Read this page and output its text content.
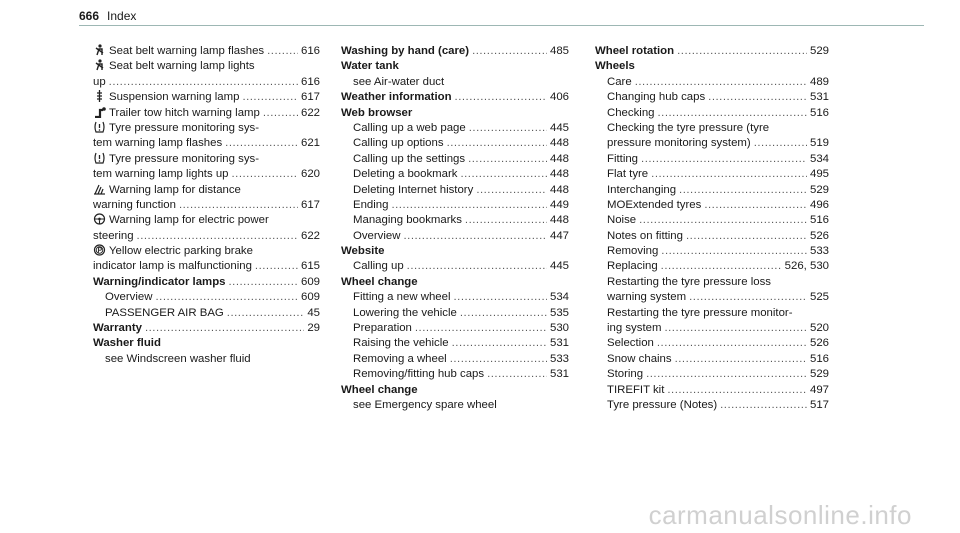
666 Index
Seat belt warning lamp flashes .....	616
Seat belt warning lamp lights
up .....	616
Suspension warning lamp .....	617
Trailer tow hitch warning lamp .....	622
Tyre pressure monitoring sys-
tem warning lamp flashes .....	621
Tyre pressure monitoring sys-
tem warning lamp lights up .....	620
Warning lamp for distance
warning function .....	617
Warning lamp for electric power
steering .....	622
Yellow electric parking brake
indicator lamp is malfunctioning .....	615
Warning/indicator lamps .....	609
Overview .....	609
PASSENGER AIR BAG .....	45
Warranty .....	29
Washer fluid
see Windscreen washer fluid
Washing by hand (care) .....	485
Water tank
see Air-water duct
Weather information .....	406
Web browser
Calling up a web page .....	445
Calling up options .....	448
Calling up the settings .....	448
Deleting a bookmark .....	448
Deleting Internet history .....	448
Ending .....	449
Managing bookmarks .....	448
Overview .....	447
Website
Calling up .....	445
Wheel change
Fitting a new wheel .....	534
Lowering the vehicle .....	535
Preparation .....	530
Raising the vehicle .....	531
Removing a wheel .....	533
Removing/fitting hub caps .....	531
Wheel change
see Emergency spare wheel
Wheel rotation .....	529
Wheels
Care .....	489
Changing hub caps .....	531
Checking .....	516
Checking the tyre pressure (tyre
pressure monitoring system) .....	519
Fitting .....	534
Flat tyre .....	495
Interchanging .....	529
MOExtended tyres .....	496
Noise .....	516
Notes on fitting .....	526
Removing .....	533
Replacing .....	526, 530
Restarting the tyre pressure loss
warning system .....	525
Restarting the tyre pressure monitor-
ing system .....	520
Selection .....	526
Snow chains .....	516
Storing .....	529
TIREFIT kit .....	497
Tyre pressure (Notes) .....	517
carmanualsonline.info
